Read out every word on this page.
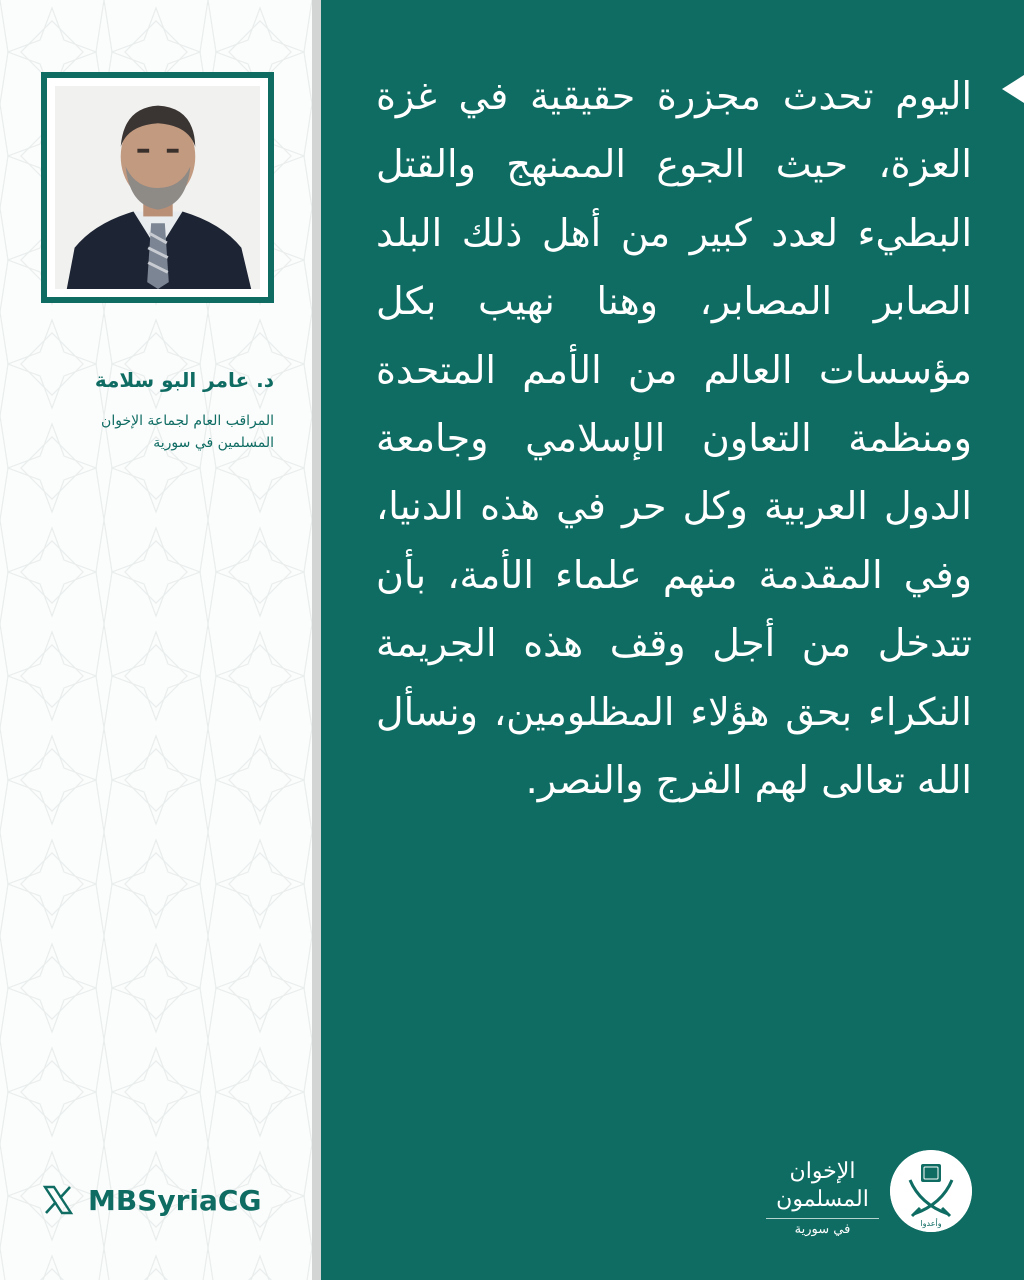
د. عامر البو سلامة
المراقب العام لجماعة الإخوان
المسلمين في سورية
MBSyriaCG
اليوم تحدث مجزرة حقيقية في غزة العزة، حيث الجوع الممنهج والقتل البطيء لعدد كبير من أهل ذلك البلد الصابر المصابر، وهنا نهيب بكل مؤسسات العالم من الأمم المتحدة ومنظمة التعاون الإسلامي وجامعة الدول العربية وكل حر في هذه الدنيا، وفي المقدمة منهم علماء الأمة، بأن تتدخل من أجل وقف هذه الجريمة النكراء بحق هؤلاء المظلومين، ونسأل الله تعالى لهم الفرج والنصر.
الإخوان المسلمون
في سورية	وأعدوا
